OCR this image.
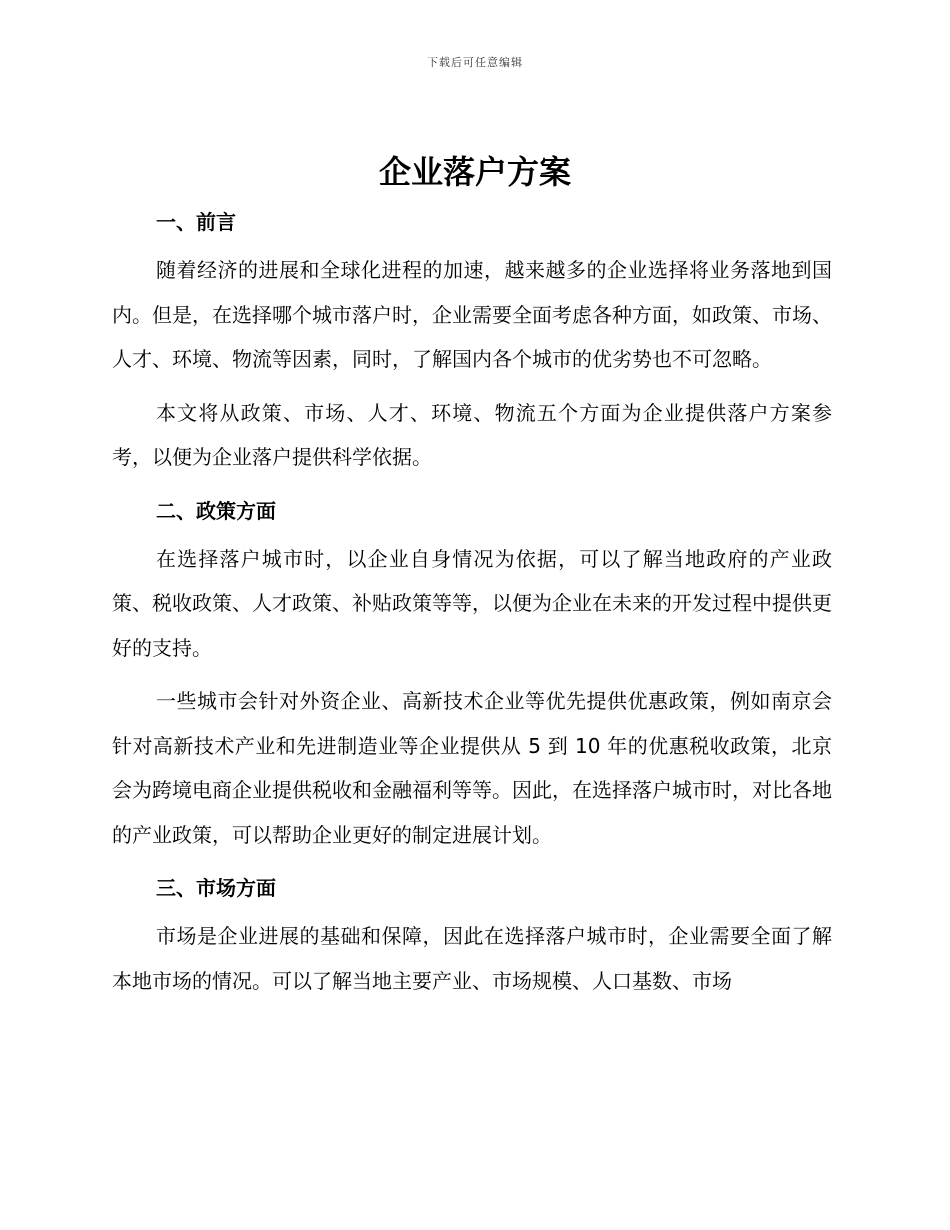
下载后可任意编辑
企业落户方案
一、前言

随着经济的进展和全球化进程的加速，越来越多的企业选择将业务落地到国内。但是，在选择哪个城市落户时，企业需要全面考虑各种方面，如政策、市场、人才、环境、物流等因素，同时，了解国内各个城市的优劣势也不可忽略。

本文将从政策、市场、人才、环境、物流五个方面为企业提供落户方案参考，以便为企业落户提供科学依据。

二、政策方面

在选择落户城市时，以企业自身情况为依据，可以了解当地政府的产业政策、税收政策、人才政策、补贴政策等等，以便为企业在未来的开发过程中提供更好的支持。

一些城市会针对外资企业、高新技术企业等优先提供优惠政策，例如南京会针对高新技术产业和先进制造业等企业提供从 5 到 10 年的优惠税收政策，北京会为跨境电商企业提供税收和金融福利等等。因此，在选择落户城市时，对比各地的产业政策，可以帮助企业更好的制定进展计划。

三、市场方面

市场是企业进展的基础和保障，因此在选择落户城市时，企业需要全面了解本地市场的情况。可以了解当地主要产业、市场规模、人口基数、市场
